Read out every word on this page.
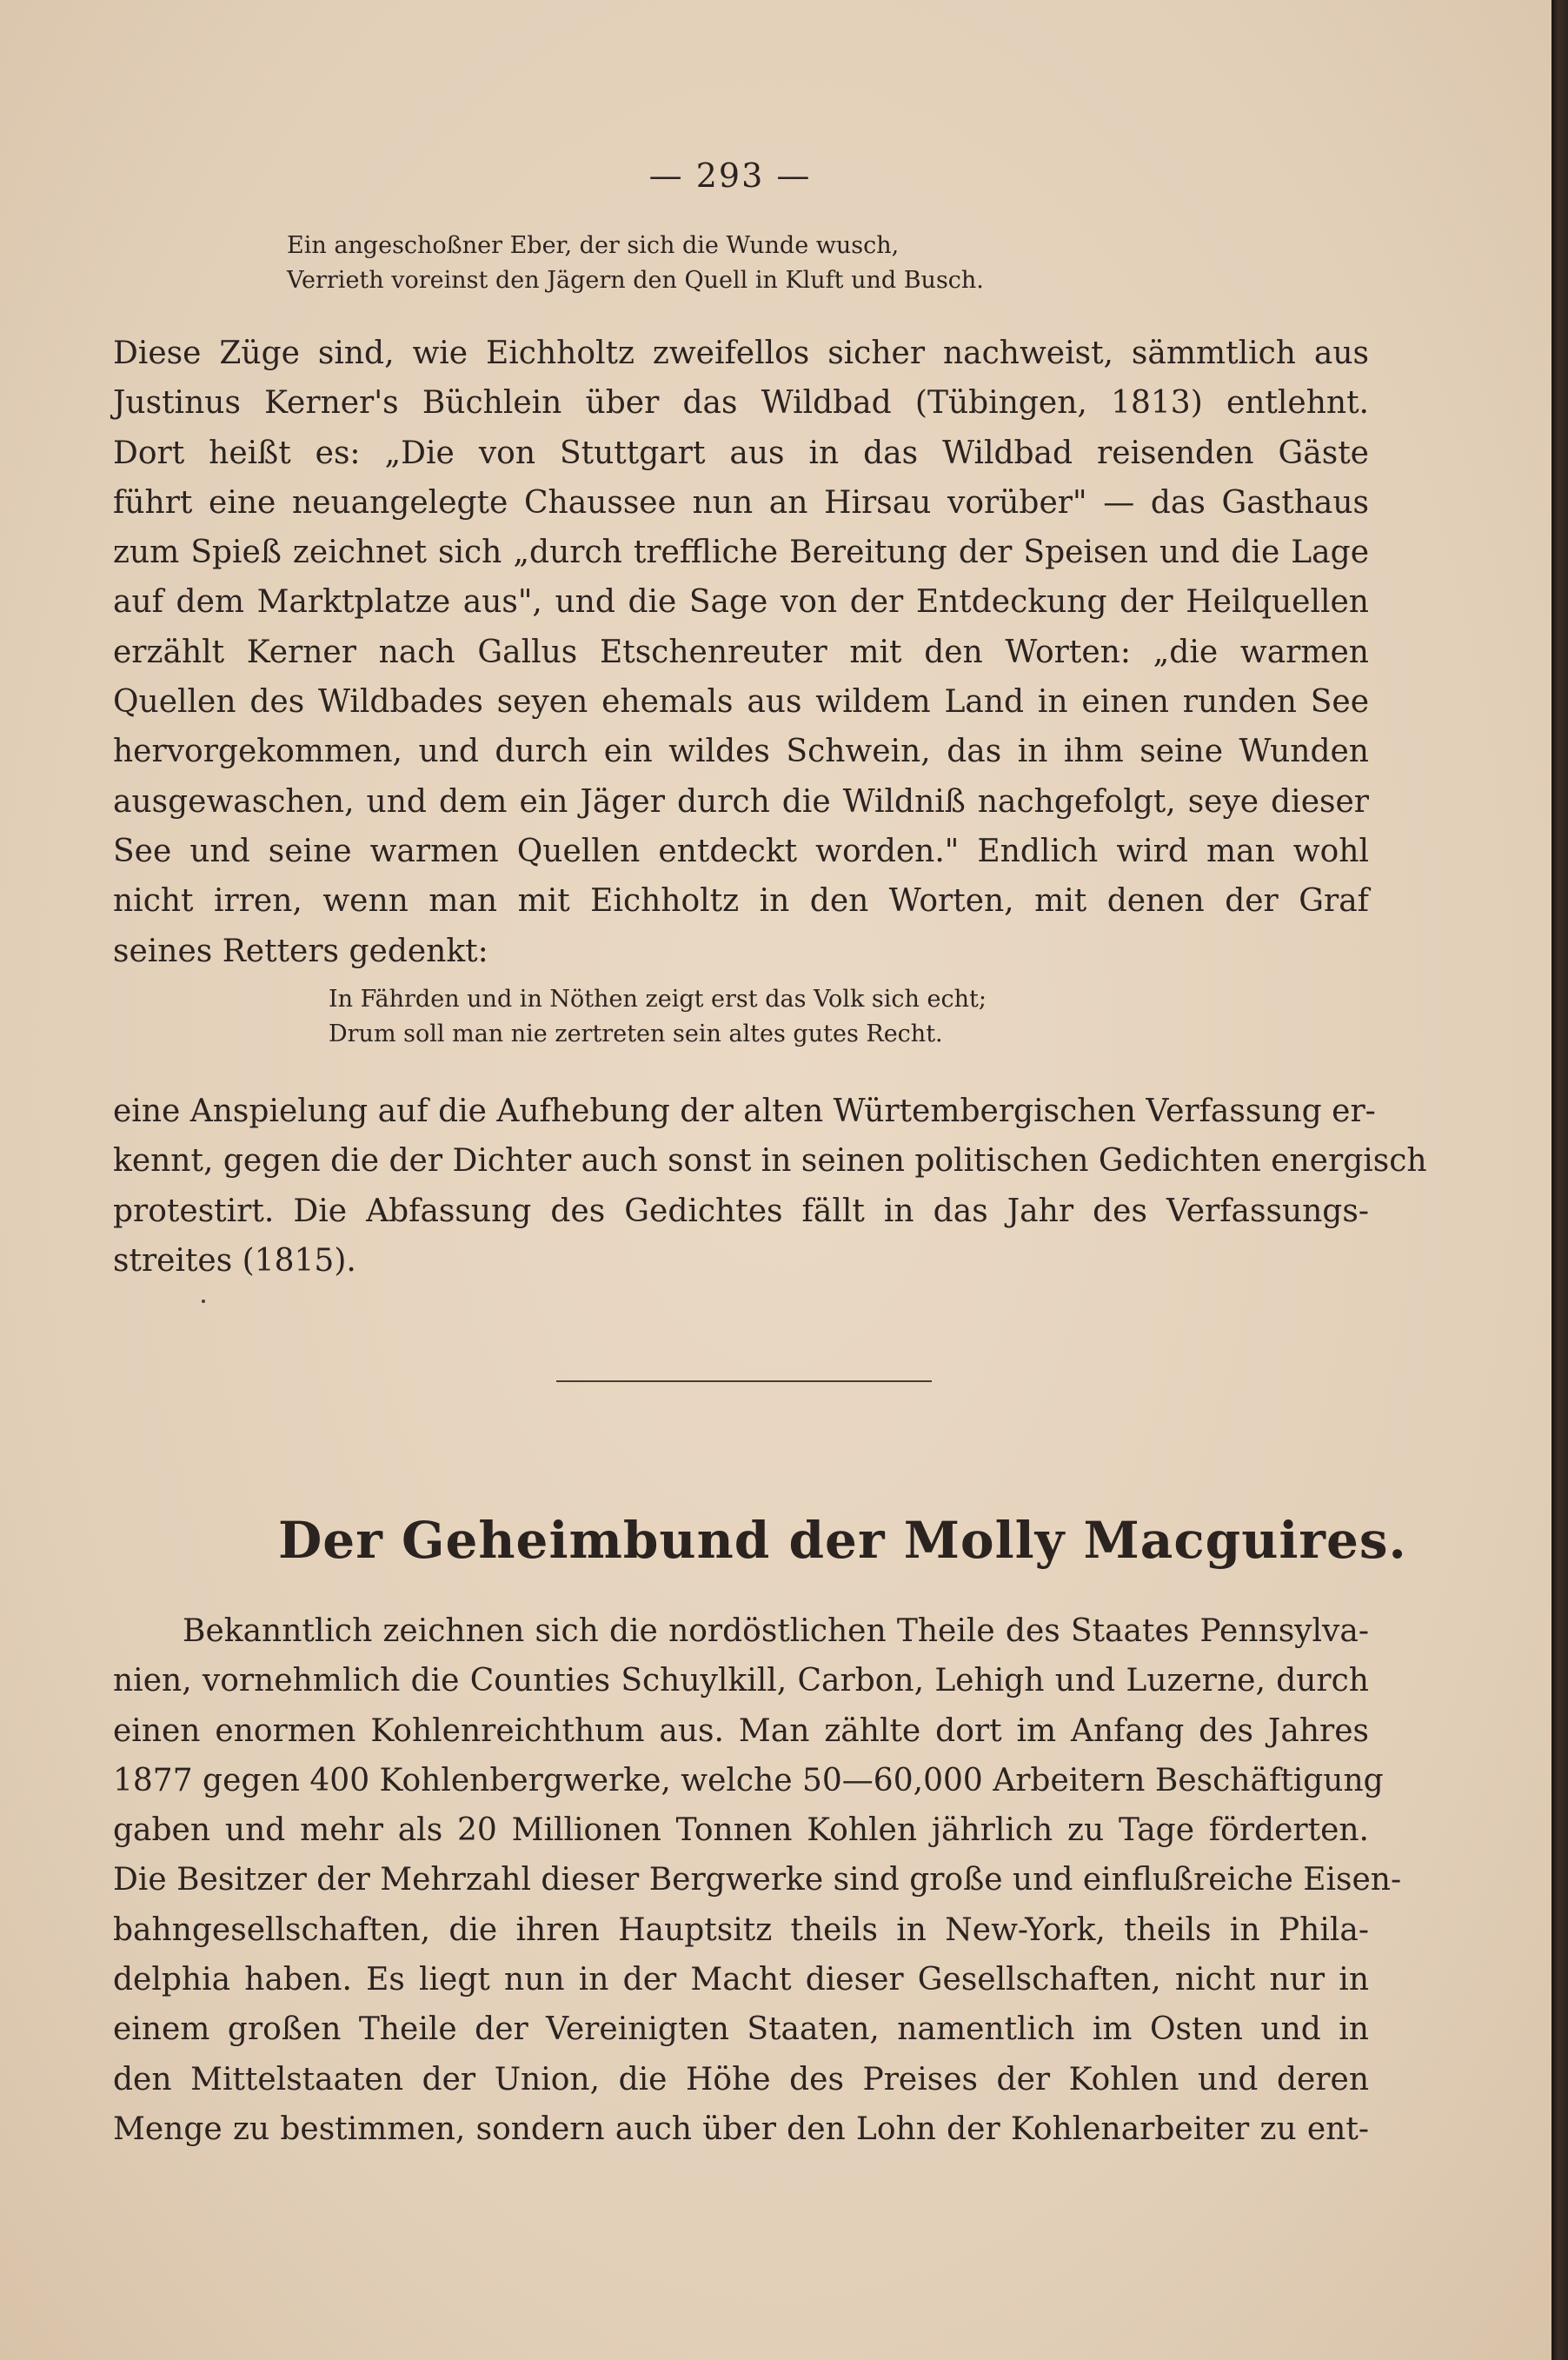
— 293 —
Ein angeschoßner Eber, der sich die Wunde wusch,
Verrieth voreinst den Jägern den Quell in Kluft und Busch.
Diese Züge sind, wie Eichholtz zweifellos sicher nachweist, sämmtlich aus
Justinus Kerner's Büchlein über das Wildbad (Tübingen, 1813) entlehnt.
Dort heißt es: „Die von Stuttgart aus in das Wildbad reisenden Gäste
führt eine neuangelegte Chaussee nun an Hirsau vorüber" — das Gasthaus
zum Spieß zeichnet sich „durch treffliche Bereitung der Speisen und die Lage
auf dem Marktplatze aus", und die Sage von der Entdeckung der Heilquellen
erzählt Kerner nach Gallus Etschenreuter mit den Worten: „die warmen
Quellen des Wildbades seyen ehemals aus wildem Land in einen runden See
hervorgekommen, und durch ein wildes Schwein, das in ihm seine Wunden
ausgewaschen, und dem ein Jäger durch die Wildniß nachgefolgt, seye dieser
See und seine warmen Quellen entdeckt worden." Endlich wird man wohl
nicht irren, wenn man mit Eichholtz in den Worten, mit denen der Graf
seines Retters gedenkt:
In Fährden und in Nöthen zeigt erst das Volk sich echt;
Drum soll man nie zertreten sein altes gutes Recht.
eine Anspielung auf die Aufhebung der alten Würtembergischen Verfassung er-
kennt, gegen die der Dichter auch sonst in seinen politischen Gedichten energisch
protestirt. Die Abfassung des Gedichtes fällt in das Jahr des Verfassungs-
streites (1815).
Der Geheimbund der Molly Macguires.
Bekanntlich zeichnen sich die nordöstlichen Theile des Staates Pennsylva-
nien, vornehmlich die Counties Schuylkill, Carbon, Lehigh und Luzerne, durch
einen enormen Kohlenreichthum aus. Man zählte dort im Anfang des Jahres
1877 gegen 400 Kohlenbergwerke, welche 50—60,000 Arbeitern Beschäftigung
gaben und mehr als 20 Millionen Tonnen Kohlen jährlich zu Tage förderten.
Die Besitzer der Mehrzahl dieser Bergwerke sind große und einflußreiche Eisen-
bahngesellschaften, die ihren Hauptsitz theils in New-York, theils in Phila-
delphia haben. Es liegt nun in der Macht dieser Gesellschaften, nicht nur in
einem großen Theile der Vereinigten Staaten, namentlich im Osten und in
den Mittelstaaten der Union, die Höhe des Preises der Kohlen und deren
Menge zu bestimmen, sondern auch über den Lohn der Kohlenarbeiter zu ent-
